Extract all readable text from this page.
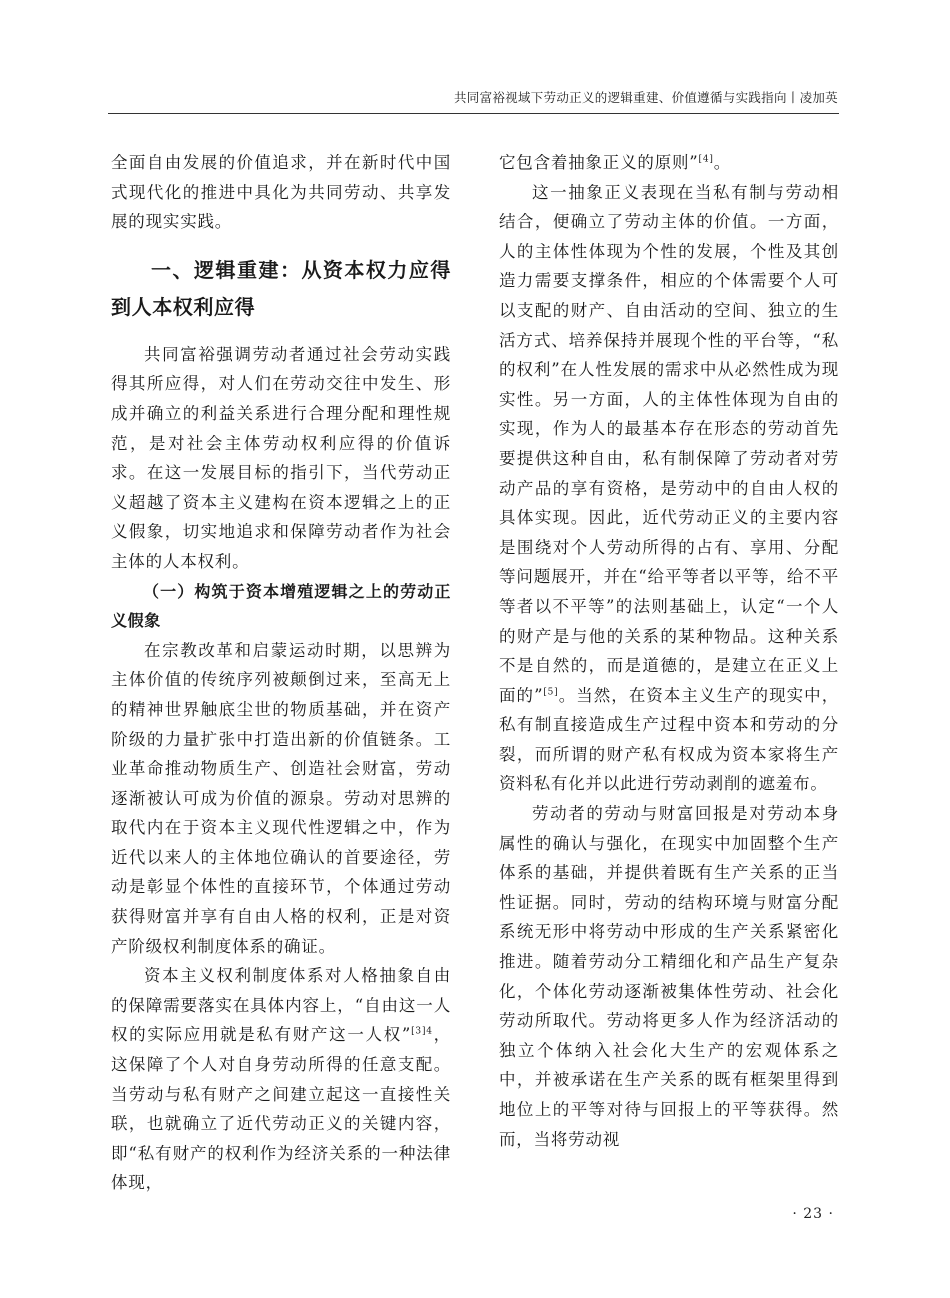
共同富裕视域下劳动正义的逻辑重建、价值遵循与实践指向丨凌加英

全面自由发展的价值追求，并在新时代中国式现代化的推进中具化为共同劳动、共享发展的现实实践。

一、逻辑重建：从资本权力应得到人本权利应得

共同富裕强调劳动者通过社会劳动实践得其所应得，对人们在劳动交往中发生、形成并确立的利益关系进行合理分配和理性规范，是对社会主体劳动权利应得的价值诉求。在这一发展目标的指引下，当代劳动正义超越了资本主义建构在资本逻辑之上的正义假象，切实地追求和保障劳动者作为社会主体的人本权利。

（一）构筑于资本增殖逻辑之上的劳动正义假象

在宗教改革和启蒙运动时期，以思辨为主体价值的传统序列被颠倒过来，至高无上的精神世界触底尘世的物质基础，并在资产阶级的力量扩张中打造出新的价值链条。工业革命推动物质生产、创造社会财富，劳动逐渐被认可成为价值的源泉。劳动对思辨的取代内在于资本主义现代性逻辑之中，作为近代以来人的主体地位确认的首要途径，劳动是彰显个体性的直接环节，个体通过劳动获得财富并享有自由人格的权利，正是对资产阶级权利制度体系的确证。

资本主义权利制度体系对人格抽象自由的保障需要落实在具体内容上，“自由这一人权的实际应用就是私有财产这一人权”$^{[3]4}$，这保障了个人对自身劳动所得的任意支配。当劳动与私有财产之间建立起这一直接性关联，也就确立了近代劳动正义的关键内容，即“私有财产的权利作为经济关系的一种法律体现，

它包含着抽象正义的原则”[4]。

这一抽象正义表现在当私有制与劳动相结合，便确立了劳动主体的价值。一方面，人的主体性体现为个性的发展，个性及其创造力需要支撑条件，相应的个体需要个人可以支配的财产、自由活动的空间、独立的生活方式、培养保持并展现个性的平台等，“私的权利”在人性发展的需求中从必然性成为现实性。另一方面，人的主体性体现为自由的实现，作为人的最基本存在形态的劳动首先要提供这种自由，私有制保障了劳动者对劳动产品的享有资格，是劳动中的自由人权的具体实现。因此，近代劳动正义的主要内容是围绕对个人劳动所得的占有、享用、分配等问题展开，并在“给平等者以平等，给不平等者以不平等”的法则基础上，认定“一个人的财产是与他的关系的某种物品。这种关系不是自然的，而是道德的，是建立在正义上面的”[5]。当然，在资本主义生产的现实中，私有制直接造成生产过程中资本和劳动的分裂，而所谓的财产私有权成为资本家将生产资料私有化并以此进行劳动剥削的遮羞布。

劳动者的劳动与财富回报是对劳动本身属性的确认与强化，在现实中加固整个生产体系的基础，并提供着既有生产关系的正当性证据。同时，劳动的结构环境与财富分配系统无形中将劳动中形成的生产关系紧密化推进。随着劳动分工精细化和产品生产复杂化，个体化劳动逐渐被集体性劳动、社会化劳动所取代。劳动将更多人作为经济活动的独立个体纳入社会化大生产的宏观体系之中，并被承诺在生产关系的既有框架里得到地位上的平等对待与回报上的平等获得。然而，当将劳动视

· 23 ·
